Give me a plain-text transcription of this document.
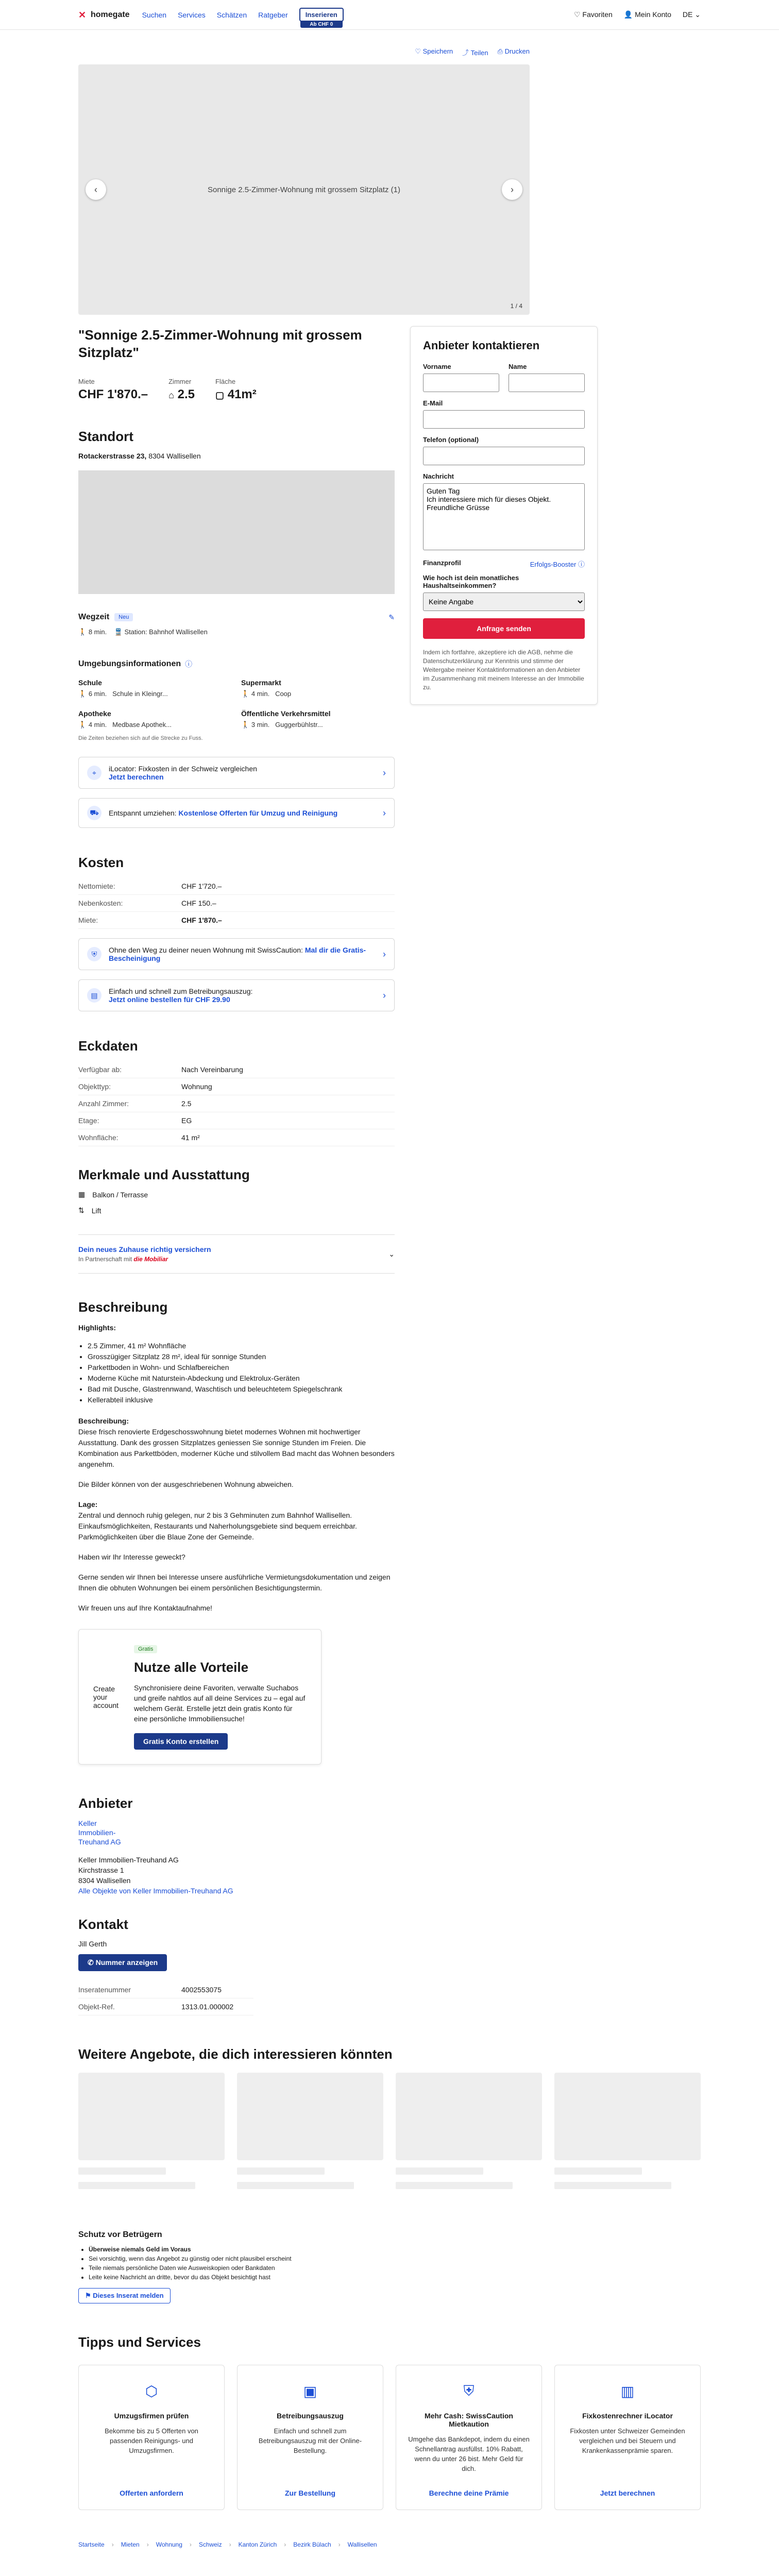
✕ homegate Suchen Services Schätzen Ratgeber	Inserieren
Ab CHF 0
♡ Favoriten 👤 Mein Konto DE ⌄
♡ Speichern ⤴ Teilen ⎙ Drucken
Sonnige 2.5-Zimmer-Wohnung mit grossem Sitzplatz (1)
‹	›
1 / 4
"Sonnige 2.5-Zimmer-Wohnung mit grossem Sitzplatz"
Miete
CHF 1'870.–
Zimmer
⌂ 2.5
Fläche
▢ 41m²
Standort
Rotackerstrasse 23, 8304 Wallisellen
Wegzeit	Neu	✎
🚶 8 min. 🚆 Station: Bahnhof Wallisellen
Umgebungsinformationen ⓘ
Schule
🚶 6 min. Schule in Kleingr...
Supermarkt
🚶 4 min. Coop
Apotheke
🚶 4 min. Medbase Apothek...
Öffentliche Verkehrsmittel
🚶 3 min. Guggerbühlstr...
Die Zeiten beziehen sich auf die Strecke zu Fuss.
⌖	iLocator: Fixkosten in der Schweiz vergleichen
Jetzt berechnen	›
⛟	Entspannt umziehen: Kostenlose Offerten für Umzug und Reinigung	›
Kosten
Nettomiete:	CHF 1'720.–
Nebenkosten:	CHF 150.–
Miete:	CHF 1'870.–
⛨	Ohne den Weg zu deiner neuen Wohnung mit SwissCaution: Mal dir die Gratis-Bescheinigung	›
▤	Einfach und schnell zum Betreibungsauszug:
Jetzt online bestellen für CHF 29.90	›
Eckdaten
Verfügbar ab:	Nach Vereinbarung
Objekttyp:	Wohnung
Anzahl Zimmer:	2.5
Etage:	EG
Wohnfläche:	41 m²
Merkmale und Ausstattung
▦ Balkon / Terrasse
⇅ Lift
Dein neues Zuhause richtig versichern
In Partnerschaft mit die Mobiliar
⌄
Beschreibung
Highlights:
• 2.5 Zimmer, 41 m² Wohnfläche
• Grosszügiger Sitzplatz 28 m², ideal für sonnige Stunden
• Parkettboden in Wohn- und Schlafbereichen
• Moderne Küche mit Naturstein-Abdeckung und Elektrolux-Geräten
• Bad mit Dusche, Glastrennwand, Waschtisch und beleuchtetem Spiegelschrank
• Kellerabteil inklusive
Beschreibung:

Diese frisch renovierte Erdgeschosswohnung bietet modernes Wohnen mit hochwertiger Ausstattung. Dank des grossen Sitzplatzes geniessen Sie sonnige Stunden im Freien. Die Kombination aus Parkettböden, moderner Küche und stilvollem Bad macht das Wohnen besonders angenehm.

Die Bilder können von der ausgeschriebenen Wohnung abweichen.

Lage:

Zentral und dennoch ruhig gelegen, nur 2 bis 3 Gehminuten zum Bahnhof Wallisellen. Einkaufsmöglichkeiten, Restaurants und Naherholungsgebiete sind bequem erreichbar. Parkmöglichkeiten über die Blaue Zone der Gemeinde.

Haben wir Ihr Interesse geweckt?

Gerne senden wir Ihnen bei Interesse unsere ausführliche Vermietungsdokumentation und zeigen Ihnen die obhuten Wohnungen bei einem persönlichen Besichtigungstermin.

Wir freuen uns auf Ihre Kontaktaufnahme!

Create your account
Gratis
Nutze alle Vorteile
Synchronisiere deine Favoriten, verwalte Suchabos und greife nahtlos auf all deine Services zu – egal auf welchem Gerät. Erstelle jetzt dein gratis Konto für eine persönliche Immobiliensuche!
Gratis Konto erstellen
Anbieter
Keller
Immobilien-
Treuhand AG
Keller Immobilien-Treuhand AG
Kirchstrasse 1
8304 Wallisellen
Alle Objekte von Keller Immobilien-Treuhand AG
Kontakt
Jill Gerth
✆ Nummer anzeigen
Inseratenummer	4002553075
Objekt-Ref.	1313.01.000002
Anbieter kontaktieren
Vorname	Name
E-Mail
Telefon (optional)
Nachricht
Guten Tag Ich interessiere mich für dieses Objekt. Freundliche Grüsse
Finanzprofil	Erfolgs-Booster ⓘ
Wie hoch ist dein monatliches Haushaltseinkommen?
Keine Angabe
Anfrage senden
Indem ich fortfahre, akzeptiere ich die AGB, nehme die Datenschutzerklärung zur Kenntnis und stimme der Weitergabe meiner Kontaktinformationen an den Anbieter im Zusammenhang mit meinem Interesse an der Immobilie zu.
Weitere Angebote, die dich interessieren könnten
Schutz vor Betrügern
• Überweise niemals Geld im Voraus
• Sei vorsichtig, wenn das Angebot zu günstig oder nicht plausibel erscheint
• Teile niemals persönliche Daten wie Ausweiskopien oder Bankdaten
• Leite keine Nachricht an dritte, bevor du das Objekt besichtigt hast
⚑ Dieses Inserat melden
Tipps und Services
⬡
Umzugsfirmen prüfen
Bekomme bis zu 5 Offerten von passenden Reinigungs- und Umzugsfirmen.
Offerten anfordern
▣
Betreibungsauszug
Einfach und schnell zum Betreibungsauszug mit der Online-Bestellung.
Zur Bestellung
⛨
Mehr Cash: SwissCaution Mietkaution
Umgehe das Bankdepot, indem du einen Schnellantrag ausfüllst. 10% Rabatt, wenn du unter 26 bist. Mehr Geld für dich.
Berechne deine Prämie
▥
Fixkostenrechner iLocator
Fixkosten unter Schweizer Gemeinden vergleichen und bei Steuern und Krankenkassenprämie sparen.
Jetzt berechnen
Startseite › Mieten › Wohnung › Schweiz › Kanton Zürich › Bezirk Bülach › Wallisellen
